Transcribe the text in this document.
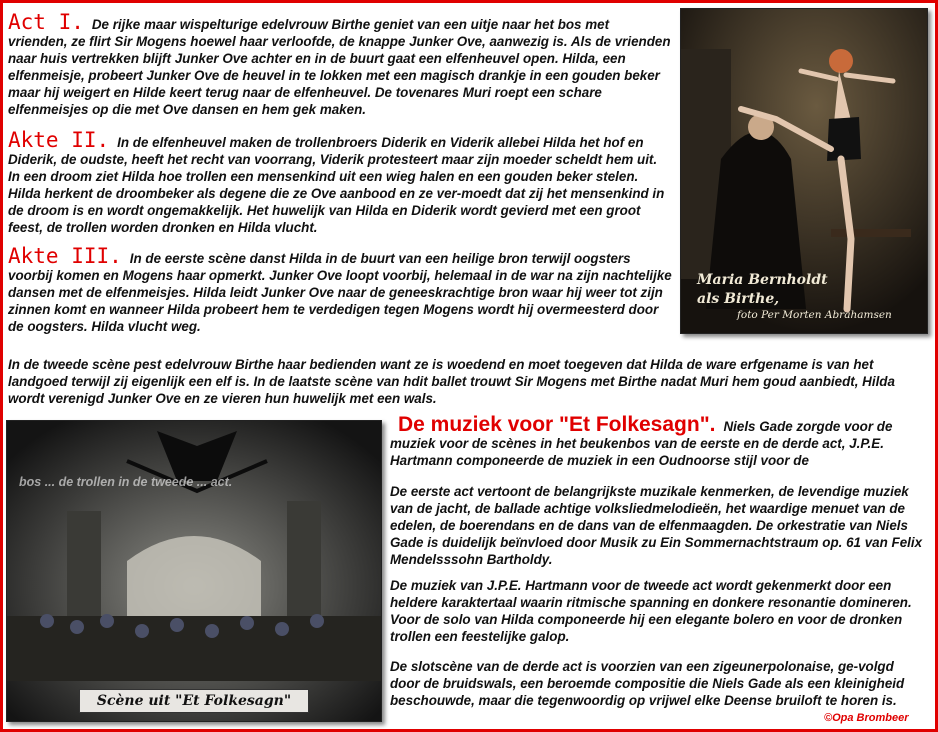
Act I. De rijke maar wispelturige edelvrouw Birthe geniet van een uitje naar het bos met vrienden, ze flirt Sir Mogens hoewel haar verloofde, de knappe Junker Ove, aanwezig is. Als de vrienden naar huis vertrekken blijft Junker Ove achter en in de buurt gaat een elfenheuvel open. Hilda, een elfenmeisje, probeert Junker Ove de heuvel in te lokken met een magisch drankje in een gouden beker maar hij weigert en Hilde keert terug naar de elfenheuvel. De tovenares Muri roept een schare elfenmeisjes op die met Ove dansen en hem gek maken.
Akte II. In de elfenheuvel maken de trollenbroers Diderik en Viderik allebei Hilda het hof en Diderik, de oudste, heeft het recht van voorrang, Viderik protesteert maar zijn moeder scheldt hem uit. In een droom ziet Hilda hoe trollen een mensenkind uit een wieg halen en een gouden beker stelen. Hilda herkent de droombeker als degene die ze Ove aanbood en ze ver-moedt dat zij het mensenkind in de droom is en wordt ongemakkelijk. Het huwelijk van Hilda en Diderik wordt gevierd met een groot feest, de trollen worden dronken en Hilda vlucht.
Akte III. In de eerste scène danst Hilda in de buurt van een heilige bron terwijl oogsters voorbij komen en Mogens haar opmerkt. Junker Ove loopt voorbij, helemaal in de war na zijn nachtelijke dansen met de elfenmeisjes. Hilda leidt Junker Ove naar de geneeskrachtige bron waar hij weer tot zijn zinnen komt en wanneer Hilda probeert hem te verdedigen tegen Mogens wordt hij overmeesterd door de oogsters. Hilda vlucht weg.
In de tweede scène pest edelvrouw Birthe haar bedienden want ze is woedend en moet toegeven dat Hilda de ware erfgename is van het landgoed terwijl zij eigenlijk een elf is. In de laatste scène van hdit ballet trouwt Sir Mogens met Birthe nadat Muri hem goud aanbiedt, Hilda wordt verenigd Junker Ove en ze vieren hun huwelijk met een wals.
Maria Bernholdt
als Birthe,
foto Per Morten Abrahamsen
bos ... de trollen in de tweede ... act.
Scène uit "Et Folkesagn"
De muziek voor "Et Folkesagn". Niels Gade zorgde voor de muziek voor de scènes in het beukenbos van de eerste en de derde act, J.P.E. Hartmann componeerde de muziek in een Oudnoorse stijl voor de
De eerste act vertoont de belangrijkste muzikale kenmerken, de levendige muziek van de jacht, de ballade achtige volksliedmelodieën, het waardige menuet van de edelen, de boerendans en de dans van de elfenmaagden. De orkestratie van Niels Gade is duidelijk beïnvloed door Musik zu Ein Sommernachtstraum op. 61 van Felix Mendelsssohn Bartholdy.
De muziek van J.P.E. Hartmann voor de tweede act wordt gekenmerkt door een heldere karaktertaal waarin ritmische spanning en donkere resonantie domineren. Voor de solo van Hilda componeerde hij een elegante bolero en voor de dronken trollen een feestelijke galop.
De slotscène van de derde act is voorzien van een zigeunerpolonaise, ge-volgd door de bruidswals, een beroemde compositie die Niels Gade als een kleinigheid beschouwde, maar die tegenwoordig op vrijwel elke Deense bruiloft te horen is.
©Opa Brombeer
